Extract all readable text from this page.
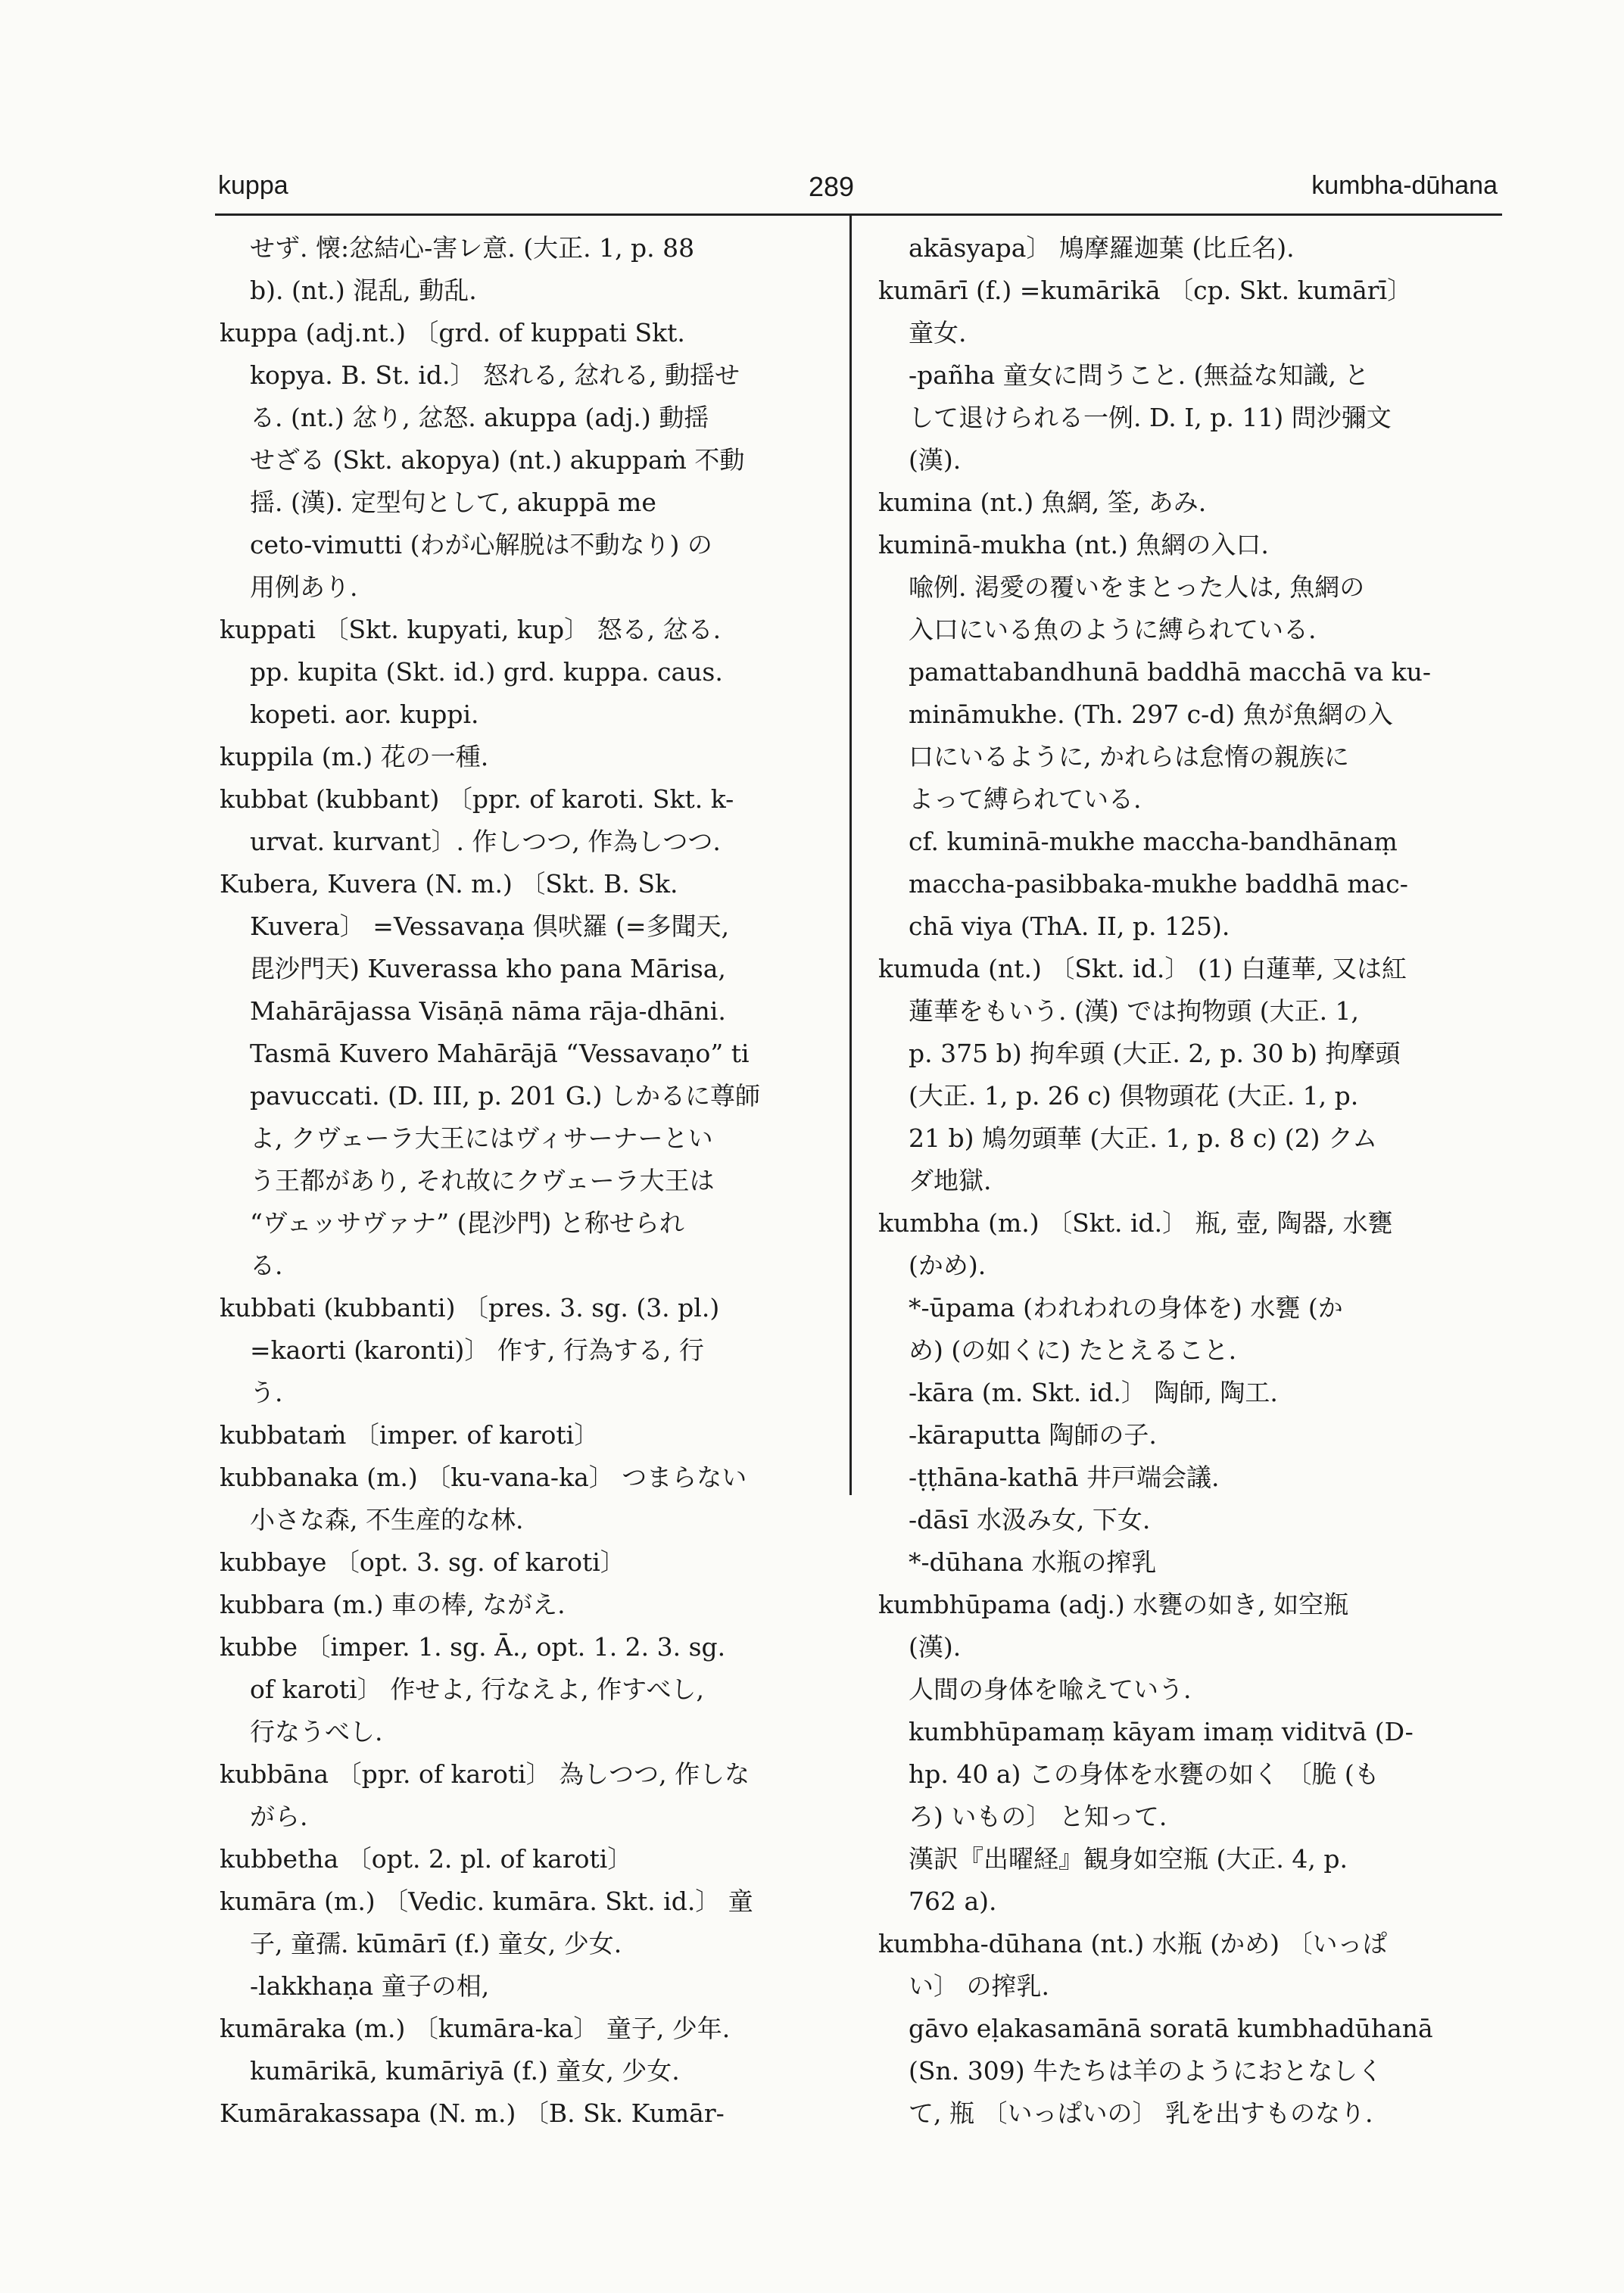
kuppa	289	kumbha-dūhana
せず. 懐:忿結心-害レ意. (大正. 1, p. 88
b). (nt.) 混乱, 動乱.
kuppa (adj.nt.) 〔grd. of kuppati Skt.
kopya. B. St. id.〕 怒れる, 忿れる, 動揺せ
る. (nt.) 忿り, 忿怒. akuppa (adj.) 動揺
せざる (Skt. akopya) (nt.) akuppaṁ 不動
揺. (漢). 定型句として, akuppā me
ceto-vimutti (わが心解脱は不動なり) の
用例あり.
kuppati 〔Skt. kupyati, kup〕 怒る, 忿る.
pp. kupita (Skt. id.) grd. kuppa. caus.
kopeti. aor. kuppi.
kuppila (m.) 花の一種.
kubbat (kubbant) 〔ppr. of karoti. Skt. k-
urvat. kurvant〕. 作しつつ, 作為しつつ.
Kubera, Kuvera (N. m.) 〔Skt. B. Sk.
Kuvera〕 =Vessavaṇa 倶吠羅 (=多聞天,
毘沙門天) Kuverassa kho pana Mārisa,
Mahārājassa Visāṇā nāma rāja-dhāni.
Tasmā Kuvero Mahārājā “Vessavaṇo” ti
pavuccati. (D. III, p. 201 G.) しかるに尊師
よ, クヴェーラ大王にはヴィサーナーとい
う王都があり, それ故にクヴェーラ大王は
“ヴェッサヴァナ” (毘沙門) と称せられ
る.
kubbati (kubbanti) 〔pres. 3. sg. (3. pl.)
=kaorti (karonti)〕 作す, 行為する, 行
う.
kubbataṁ 〔imper. of karoti〕
kubbanaka (m.) 〔ku-vana-ka〕 つまらない
小さな森, 不生産的な林.
kubbaye 〔opt. 3. sg. of karoti〕
kubbara (m.) 車の棒, ながえ.
kubbe 〔imper. 1. sg. Ā., opt. 1. 2. 3. sg.
of karoti〕 作せよ, 行なえよ, 作すべし,
行なうべし.
kubbāna 〔ppr. of karoti〕 為しつつ, 作しな
がら.
kubbetha 〔opt. 2. pl. of karoti〕
kumāra (m.) 〔Vedic. kumāra. Skt. id.〕 童
子, 童孺. kūmārī (f.) 童女, 少女.
-lakkhaṇa 童子の相,
kumāraka (m.) 〔kumāra-ka〕 童子, 少年.
kumārikā, kumāriyā (f.) 童女, 少女.
Kumārakassapa (N. m.) 〔B. Sk. Kumār-
akāsyapa〕 鳩摩羅迦葉 (比丘名).
kumārī (f.) =kumārikā 〔cp. Skt. kumārī〕
童女.
-pañha 童女に問うこと. (無益な知識, と
して退けられる一例. D. I, p. 11) 問沙彌文
(漢).
kumina (nt.) 魚網, 筌, あみ.
kuminā-mukha (nt.) 魚網の入口.
喩例. 渇愛の覆いをまとった人は, 魚網の
入口にいる魚のように縛られている.
pamattabandhunā baddhā macchā va ku-
mināmukhe. (Th. 297 c-d) 魚が魚網の入
口にいるように, かれらは怠惰の親族に
よって縛られている.
cf. kuminā-mukhe maccha-bandhānaṃ
maccha-pasibbaka-mukhe baddhā mac-
chā viya (ThA. II, p. 125).
kumuda (nt.) 〔Skt. id.〕 (1) 白蓮華, 又は紅
蓮華をもいう. (漢) では拘物頭 (大正. 1,
p. 375 b) 拘牟頭 (大正. 2, p. 30 b) 拘摩頭
(大正. 1, p. 26 c) 倶物頭花 (大正. 1, p.
21 b) 鳩勿頭華 (大正. 1, p. 8 c) (2) クム
ダ地獄.
kumbha (m.) 〔Skt. id.〕 瓶, 壺, 陶器, 水甕
(かめ).
*-ūpama (われわれの身体を) 水甕 (か
め) (の如くに) たとえること.
-kāra (m. Skt. id.〕 陶師, 陶工.
-kāraputta 陶師の子.
-ṭṭhāna-kathā 井戸端会議.
-dāsī 水汲み女, 下女.
*-dūhana 水瓶の搾乳
kumbhūpama (adj.) 水甕の如き, 如空瓶
(漢).
人間の身体を喩えていう.
kumbhūpamaṃ kāyam imaṃ viditvā (D-
hp. 40 a) この身体を水甕の如く 〔脆 (も
ろ) いもの〕 と知って.
漢訳『出曜経』観身如空瓶 (大正. 4, p.
762 a).
kumbha-dūhana (nt.) 水瓶 (かめ) 〔いっぱ
い〕 の搾乳.
gāvo eḷakasamānā soratā kumbhadūhanā
(Sn. 309) 牛たちは羊のようにおとなしく
て, 瓶 〔いっぱいの〕 乳を出すものなり.
